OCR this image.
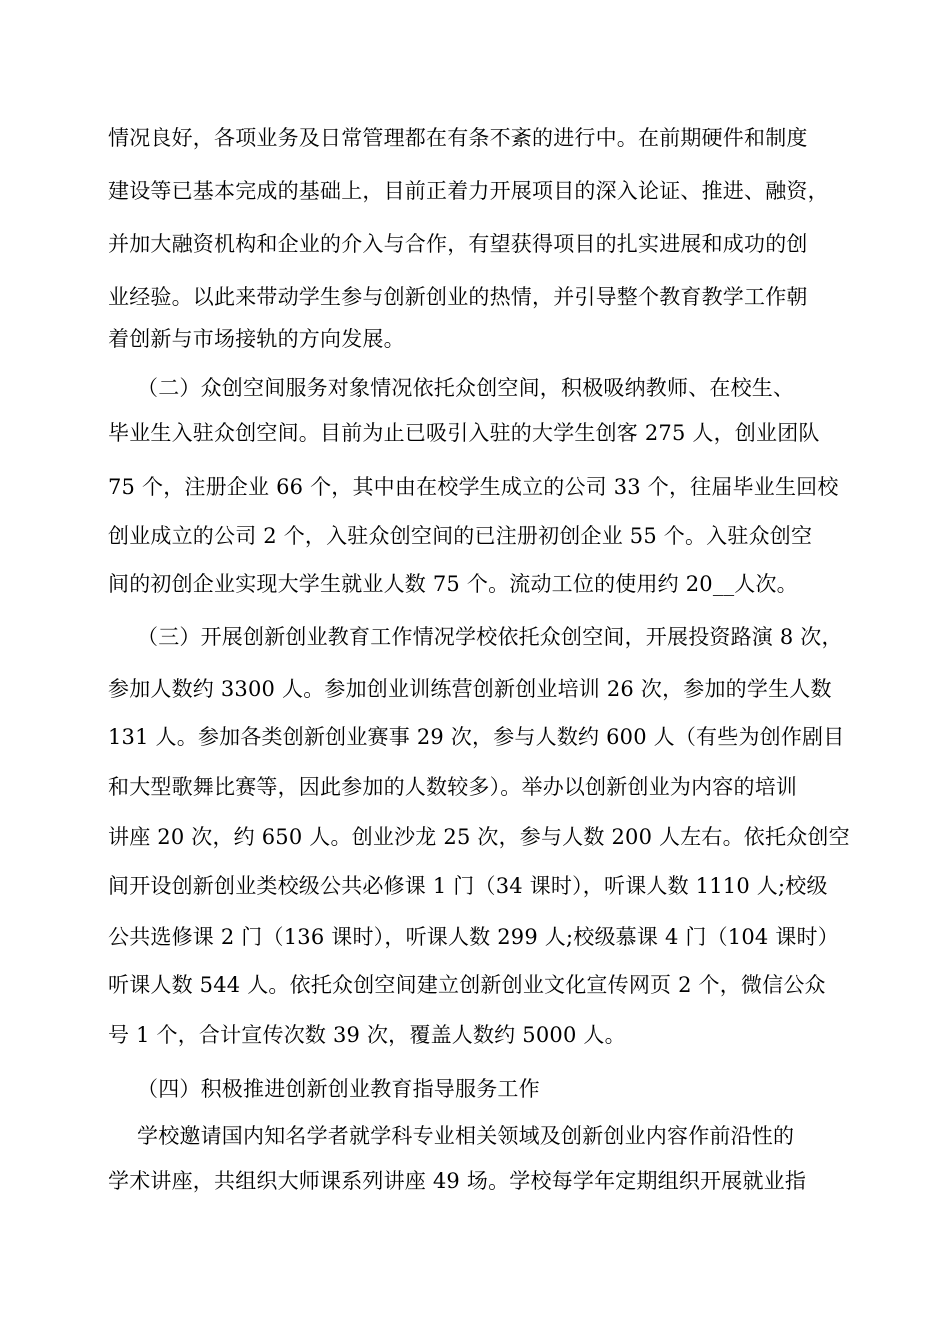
情况良好，各项业务及日常管理都在有条不紊的进行中。在前期硬件和制度
建设等已基本完成的基础上，目前正着力开展项目的深入论证、推进、融资，
并加大融资机构和企业的介入与合作，有望获得项目的扎实进展和成功的创
业经验。以此来带动学生参与创新创业的热情，并引导整个教育教学工作朝
着创新与市场接轨的方向发展。
（二）众创空间服务对象情况依托众创空间，积极吸纳教师、在校生、
毕业生入驻众创空间。目前为止已吸引入驻的大学生创客 275 人，创业团队
75 个，注册企业 66 个，其中由在校学生成立的公司 33 个，往届毕业生回校
创业成立的公司 2 个，入驻众创空间的已注册初创企业 55 个。入驻众创空
间的初创企业实现大学生就业人数 75 个。流动工位的使用约 20__人次。
（三）开展创新创业教育工作情况学校依托众创空间，开展投资路演 8 次，
参加人数约 3300 人。参加创业训练营创新创业培训 26 次，参加的学生人数
131 人。参加各类创新创业赛事 29 次，参与人数约 600 人（有些为创作剧目
和大型歌舞比赛等，因此参加的人数较多）。举办以创新创业为内容的培训
讲座 20 次，约 650 人。创业沙龙 25 次，参与人数 200 人左右。依托众创空
间开设创新创业类校级公共必修课 1 门（34 课时），听课人数 1110 人;校级
公共选修课 2 门（136 课时），听课人数 299 人;校级慕课 4 门（104 课时）
听课人数 544 人。依托众创空间建立创新创业文化宣传网页 2 个，微信公众
号 1 个，合计宣传次数 39 次，覆盖人数约 5000 人。
（四）积极推进创新创业教育指导服务工作
学校邀请国内知名学者就学科专业相关领域及创新创业内容作前沿性的
学术讲座，共组织大师课系列讲座 49 场。学校每学年定期组织开展就业指
